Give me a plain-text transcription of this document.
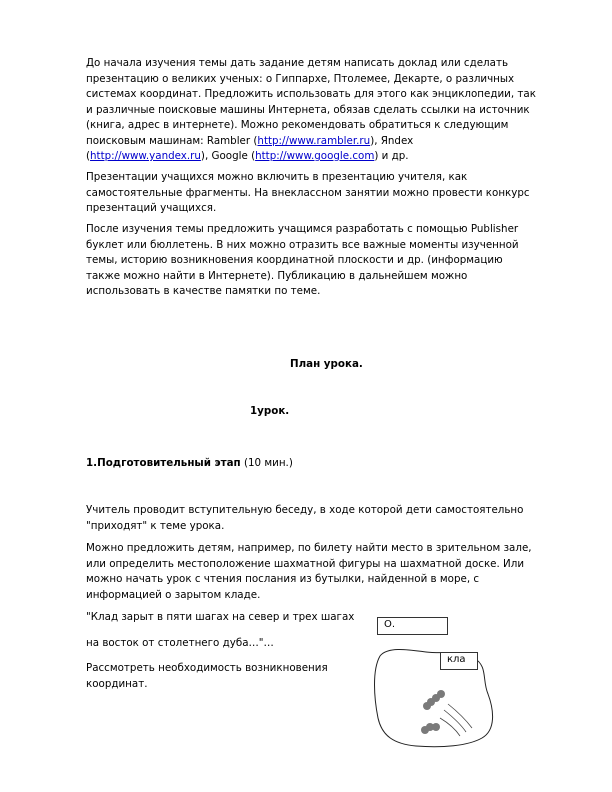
До начала изучения темы дать задание детям написать доклад или сделать
презентацию о великих ученых: о Гиппархе, Птолемее, Декарте, о различных
системах координат. Предложить использовать для этого как энциклопедии, так
и различные поисковые машины Интернета, обязав сделать ссылки на источник
(книга, адрес в интернете). Можно рекомендовать обратиться к следующим
поисковым машинам: Rambler (http://www.rambler.ru), Яndex
(http://www.yandex.ru), Google (http://www.google.com) и др.
Презентации учащихся можно включить в презентацию учителя, как
самостоятельные фрагменты. На внеклассном занятии можно провести конкурс
презентаций учащихся.
После изучения темы предложить учащимся разработать с помощью Publisher
буклет или бюллетень. В них можно отразить все важные моменты изученной
темы, историю возникновения координатной плоскости и др. (информацию
также можно найти в Интернете). Публикацию в дальнейшем можно
использовать в качестве памятки по теме.
План урока.
1урок.
1.Подготовительный этап (10 мин.)
Учитель проводит вступительную беседу, в ходе которой дети самостоятельно
"приходят" к теме урока.
Можно предложить детям, например, по билету найти место в зрительном зале,
или определить местоположение шахматной фигуры на шахматной доске. Или
можно начать урок с чтения послания из бутылки, найденной в море, с
информацией о зарытом кладе.
"Клад зарыт в пяти шагах на север и трех шагах
на восток от столетнего дуба…"…
Рассмотреть необходимость возникновения координат.
О.
кла
